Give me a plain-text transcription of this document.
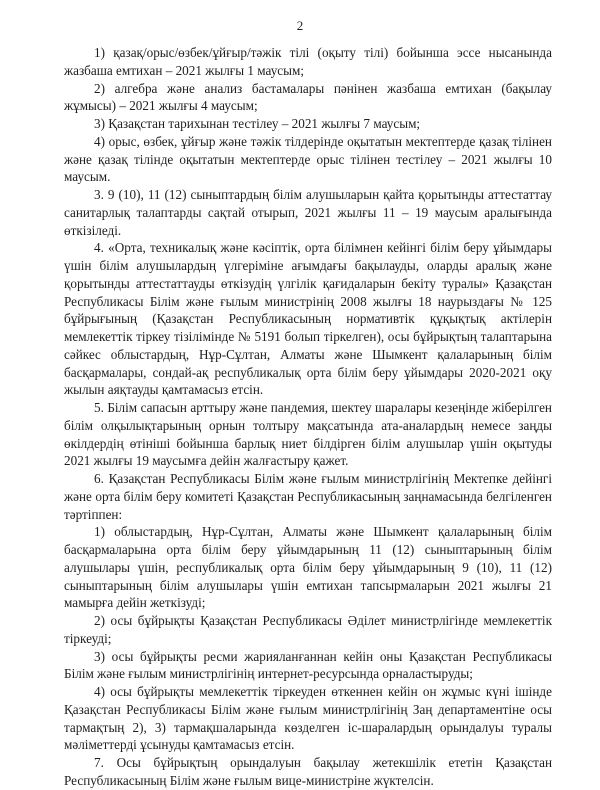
2

1) қазақ/орыс/өзбек/ұйғыр/тәжік тілі (оқыту тілі) бойынша эссе нысанында жазбаша емтихан – 2021 жылғы 1 маусым;

2) алгебра және анализ бастамалары пәнінен жазбаша емтихан (бақылау жұмысы) – 2021 жылғы 4 маусым;

3) Қазақстан тарихынан тестілеу – 2021 жылғы 7 маусым;

4) орыс, өзбек, ұйғыр және тәжік тілдерінде оқытатын мектептерде қазақ тілінен және қазақ тілінде оқытатын мектептерде орыс тілінен тестілеу – 2021 жылғы 10 маусым.

3. 9 (10), 11 (12) сыныптардың білім алушыларын қайта қорытынды аттестаттау санитарлық талаптарды сақтай отырып, 2021 жылғы 11 – 19 маусым аралығында өткізіледі.

4. «Орта, техникалық және кәсіптік, орта білімнен кейінгі білім беру ұйымдары үшін білім алушылардың үлгеріміне ағымдағы бақылауды, оларды аралық және қорытынды аттестаттауды өткізудің үлгілік қағидаларын бекіту туралы» Қазақстан Республикасы Білім және ғылым министрінің 2008 жылғы 18 наурыздағы № 125 бұйрығының (Қазақстан Республикасының нормативтік құқықтық актілерін мемлекеттік тіркеу тізілімінде № 5191 болып тіркелген), осы бұйрықтың талаптарына сәйкес облыстардың, Нұр-Сұлтан, Алматы және Шымкент қалаларының білім басқармалары, сондай-ақ республикалық орта білім беру ұйымдары 2020-2021 оқу жылын аяқтауды қамтамасыз етсін.

5. Білім сапасын арттыру және пандемия, шектеу шаралары кезеңінде жіберілген білім олқылықтарының орнын толтыру мақсатында ата-аналардың немесе заңды өкілдердің өтініші бойынша барлық ниет білдірген білім алушылар үшін оқытуды 2021 жылғы 19 маусымға дейін жалғастыру қажет.

6. Қазақстан Республикасы Білім және ғылым министрлігінің Мектепке дейінгі және орта білім беру комитеті Қазақстан Республикасының заңнамасында белгіленген тәртіппен:

1) облыстардың, Нұр-Сұлтан, Алматы және Шымкент қалаларының білім басқармаларына орта білім беру ұйымдарының 11 (12) сыныптарының білім алушылары үшін, республикалық орта білім беру ұйымдарының 9 (10), 11 (12) сыныптарының білім алушылары үшін емтихан тапсырмаларын 2021 жылғы 21 мамырға дейін жеткізуді;

2) осы бұйрықты Қазақстан Республикасы Әділет министрлігінде мемлекеттік тіркеуді;

3) осы бұйрықты ресми жарияланғаннан кейін оны Қазақстан Республикасы Білім және ғылым министрлігінің интернет-ресурсында орналастыруды;

4) осы бұйрықты мемлекеттік тіркеуден өткеннен кейін он жұмыс күні ішінде Қазақстан Республикасы Білім және ғылым министрлігінің Заң департаментіне осы тармақтың 2), 3) тармақшаларында көзделген іс-шаралардың орындалуы туралы мәліметтерді ұсынуды қамтамасыз етсін.

7. Осы бұйрықтың орындалуын бақылау жетекшілік ететін Қазақстан Республикасының Білім және ғылым вице-министріне жүктелсін.
